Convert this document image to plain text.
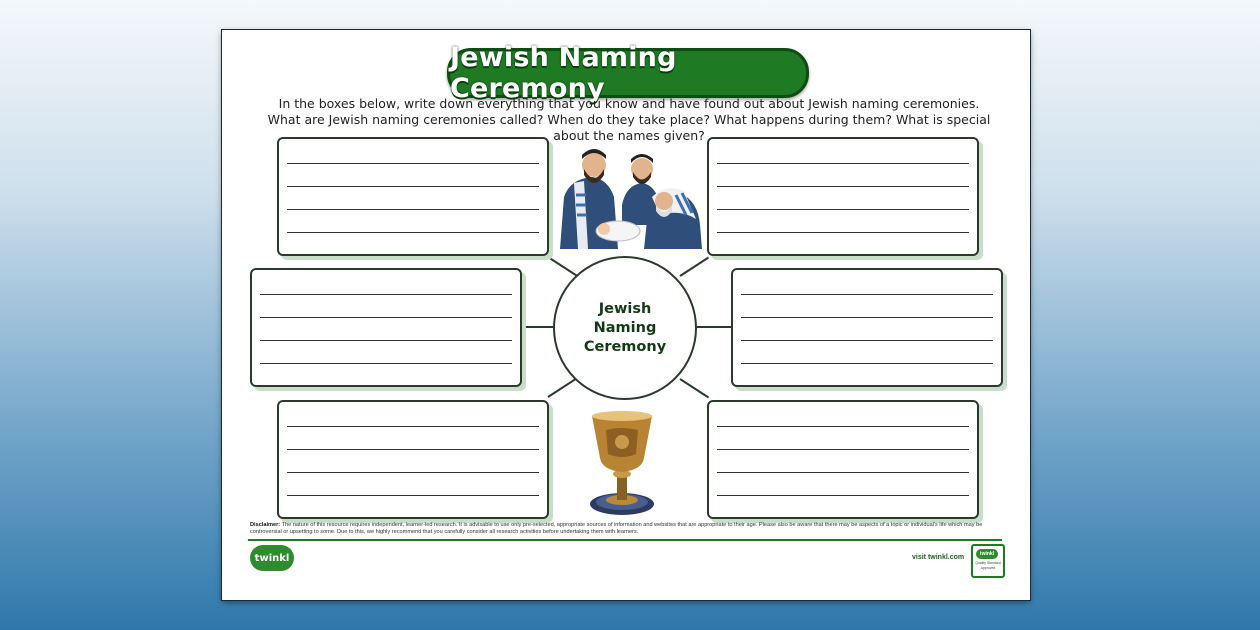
Jewish Naming Ceremony
In the boxes below, write down everything that you know and have found out about Jewish naming ceremonies. What are Jewish naming ceremonies called? When do they take place? What happens during them? What is special about the names given?
Jewish Naming Ceremony
Disclaimer: The nature of this resource requires independent, learner-led research. It is advisable to use only pre-selected, appropriate sources of information and websites that are appropriate to their age. Please also be aware that there may be aspects of a topic or individual's life which may be controversial or upsetting to some. Due to this, we highly recommend that you carefully consider all research activities before undertaking them with learners.
twinkl	visit twinkl.com	twinkl
Quality Standard Approved
